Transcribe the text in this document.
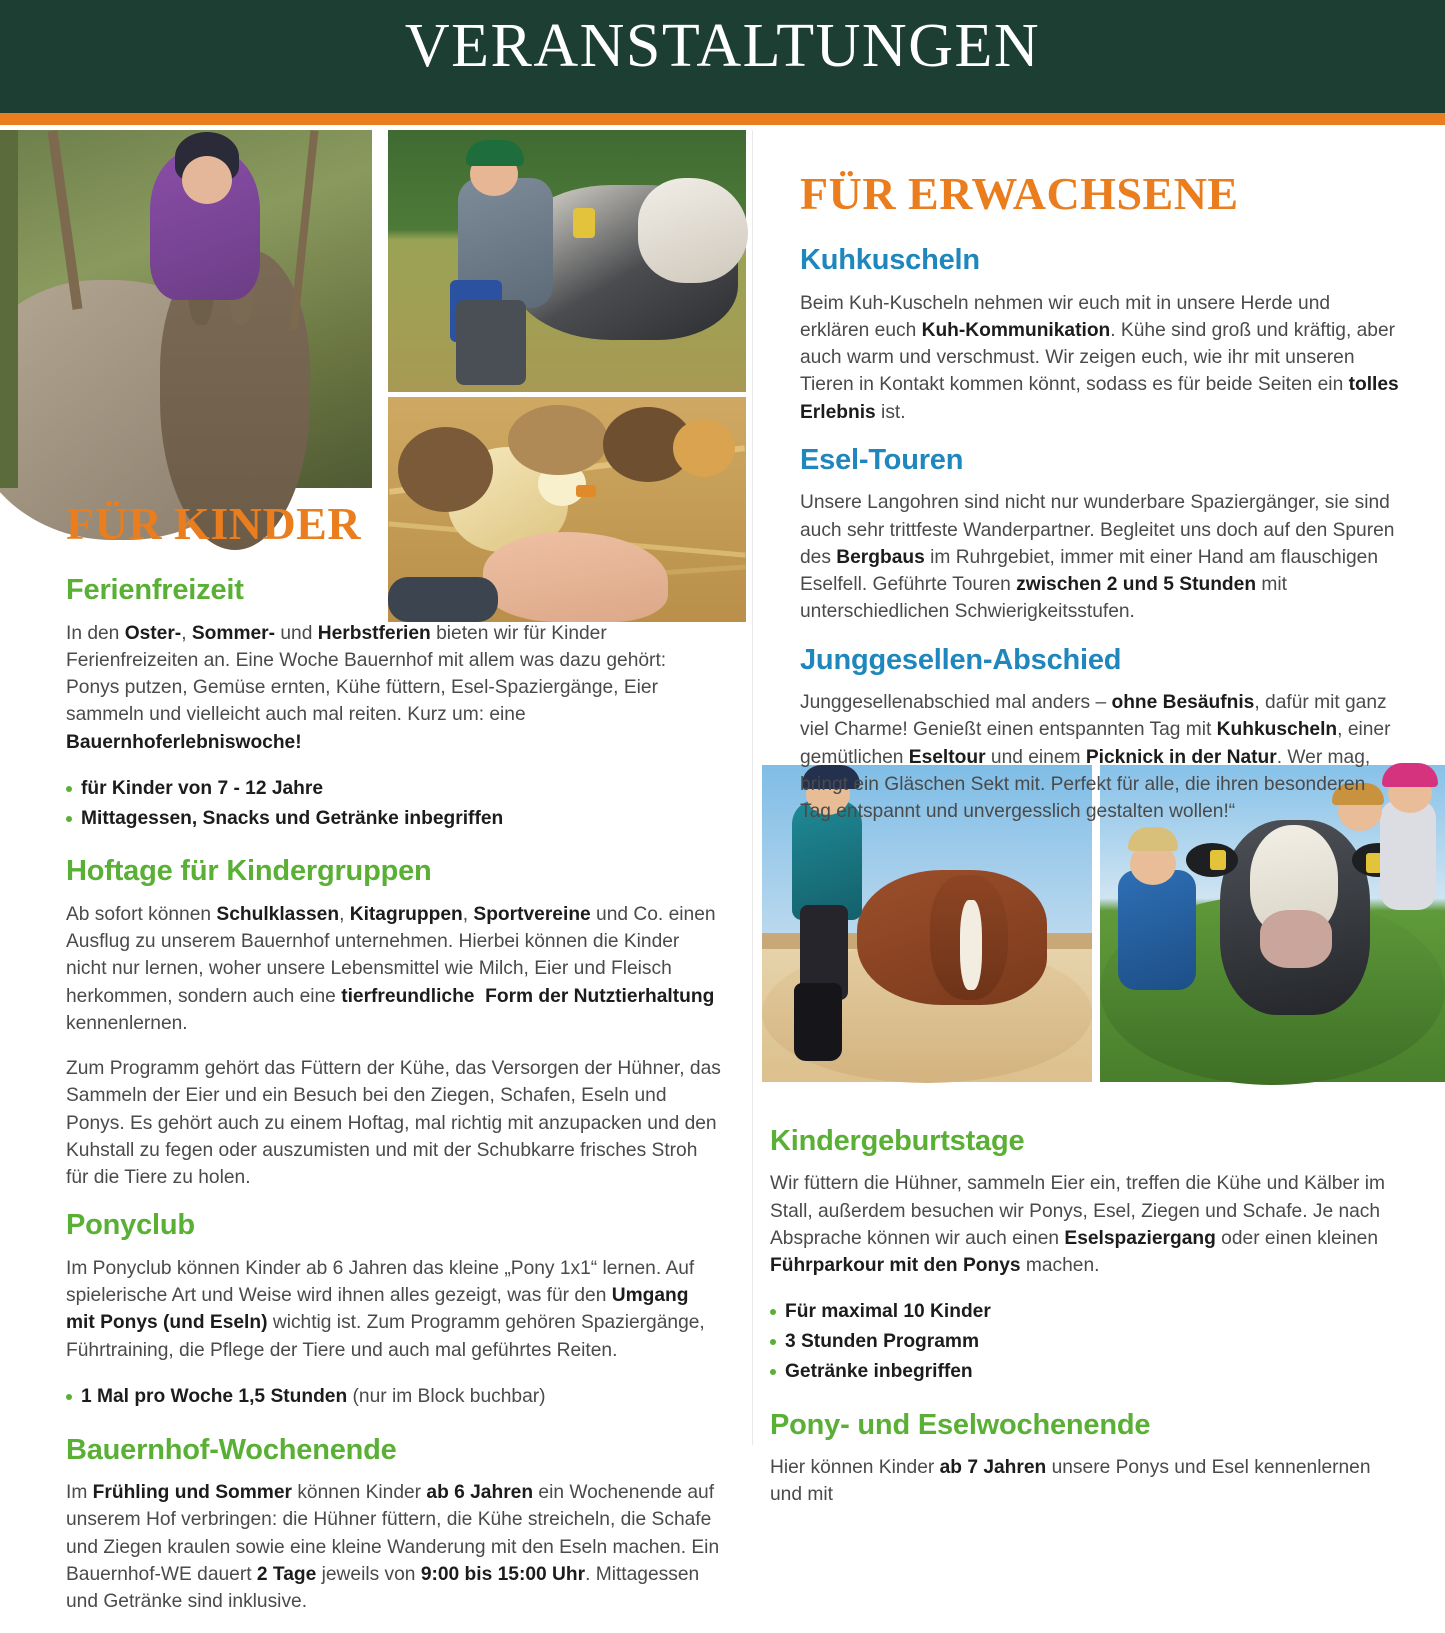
VERANSTALTUNGEN
FÜR KINDER
Ferienfreizeit

In den Oster-, Sommer- und Herbstferien bieten wir für Kinder Ferienfreizeiten an. Eine Woche Bauernhof mit allem was dazu gehört: Ponys putzen, Gemüse ernten, Kühe füttern, Esel-Spaziergänge, Eier sammeln und vielleicht auch mal reiten. Kurz um: eine Bauernhoferlebniswoche!

für Kinder von 7 - 12 Jahre
Mittagessen, Snacks und Getränke inbegriffen
Hoftage für Kindergruppen

Ab sofort können Schulklassen, Kitagruppen, Sportvereine und Co. einen Ausflug zu unserem Bauernhof unternehmen. Hierbei können die Kinder nicht nur lernen, woher unsere Lebensmittel wie Milch, Eier und Fleisch herkommen, sondern auch eine tierfreundliche  Form der Nutztierhaltung kennenlernen.

Zum Programm gehört das Füttern der Kühe, das Versorgen der Hühner, das Sammeln der Eier und ein Besuch bei den Ziegen, Schafen, Eseln und Ponys. Es gehört auch zu einem Hoftag, mal richtig mit anzupacken und den Kuhstall zu fegen oder auszumisten und mit der Schubkarre frisches Stroh für die Tiere zu holen.

Ponyclub

Im Ponyclub können Kinder ab 6 Jahren das kleine „Pony 1x1“ lernen. Auf spielerische Art und Weise wird ihnen alles gezeigt, was für den Umgang mit Ponys (und Eseln) wichtig ist. Zum Programm gehören Spaziergänge, Führtraining, die Pflege der Tiere und auch mal geführtes Reiten.

1 Mal pro Woche 1,5 Stunden (nur im Block buchbar)
Bauernhof-Wochenende

Im Frühling und Sommer können Kinder ab 6 Jahren ein Wochenende auf unserem Hof verbringen: die Hühner füttern, die Kühe streicheln, die Schafe und Ziegen kraulen sowie eine kleine Wanderung mit den Eseln machen. Ein Bauernhof-WE dauert 2 Tage jeweils von 9:00 bis 15:00 Uhr. Mittagessen und Getränke sind inklusive.

FÜR ERWACHSENE
Kuhkuscheln

Beim Kuh-Kuscheln nehmen wir euch mit in unsere Herde und erklären euch Kuh-Kommunikation. Kühe sind groß und kräftig, aber auch warm und verschmust. Wir zeigen euch, wie ihr mit unseren Tieren in Kontakt kommen könnt, sodass es für beide Seiten ein tolles Erlebnis ist.

Esel-Touren

Unsere Langohren sind nicht nur wunderbare Spaziergänger, sie sind auch sehr trittfeste Wanderpartner. Begleitet uns doch auf den Spuren des Bergbaus im Ruhrgebiet, immer mit einer Hand am flauschigen Eselfell. Geführte Touren zwischen 2 und 5 Stunden mit unterschiedlichen Schwierigkeitsstufen.

Junggesellen-Abschied

Junggesellenabschied mal anders – ohne Besäufnis, dafür mit ganz viel Charme! Genießt einen entspannten Tag mit Kuhkuscheln, einer gemütlichen Eseltour und einem Picknick in der Natur. Wer mag, bringt ein Gläschen Sekt mit. Perfekt für alle, die ihren besonderen Tag entspannt und unvergesslich gestalten wollen!“

Kindergeburtstage

Wir füttern die Hühner, sammeln Eier ein, treffen die Kühe und Kälber im Stall, außerdem besuchen wir Ponys, Esel, Ziegen und Schafe. Je nach Absprache können wir auch einen Eselspaziergang oder einen kleinen Führparkour mit den Ponys machen.

Für maximal 10 Kinder
3 Stunden Programm
Getränke inbegriffen
Pony- und Eselwochenende

Hier können Kinder ab 7 Jahren unsere Ponys und Esel kennenlernen und mit
